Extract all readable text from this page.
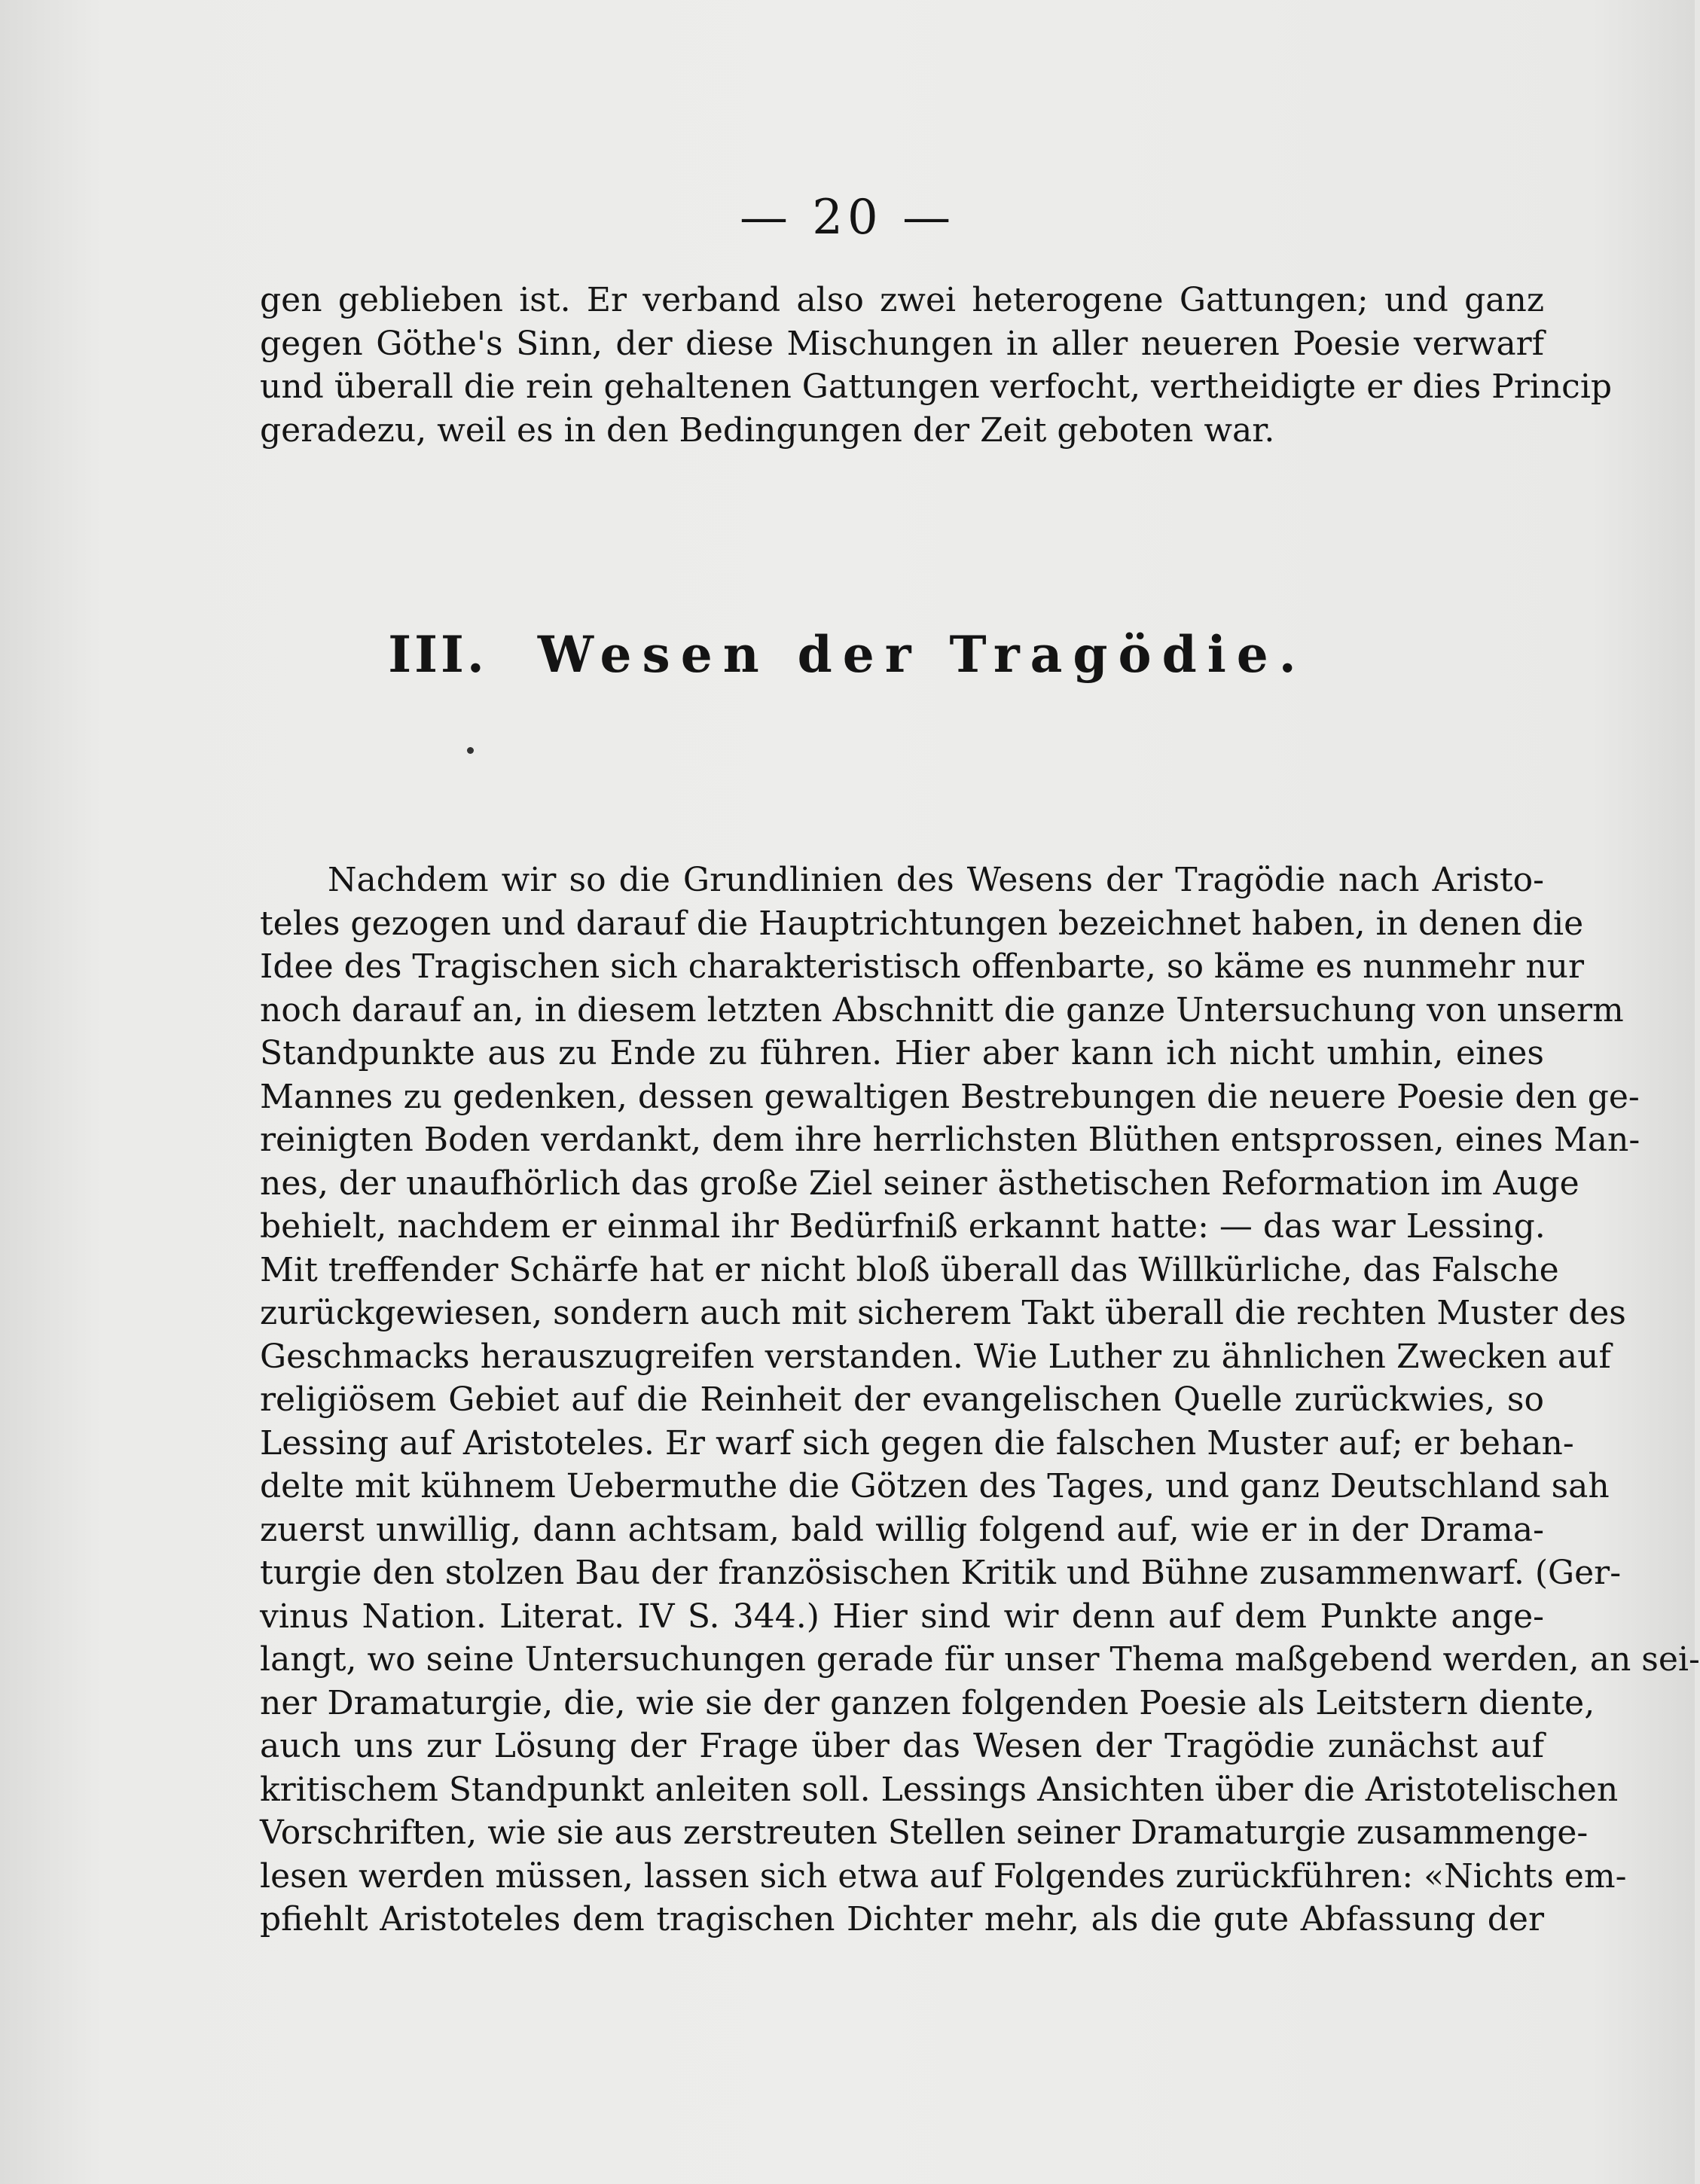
— 20 —
gen geblieben ist. Er verband also zwei heterogene Gattungen; und ganz
gegen Göthe's Sinn, der diese Mischungen in aller neueren Poesie verwarf
und überall die rein gehaltenen Gattungen verfocht, vertheidigte er dies Princip
geradezu, weil es in den Bedingungen der Zeit geboten war.
III. Wesen der Tragödie.
Nachdem wir so die Grundlinien des Wesens der Tragödie nach Aristo-
teles gezogen und darauf die Hauptrichtungen bezeichnet haben, in denen die
Idee des Tragischen sich charakteristisch offenbarte, so käme es nunmehr nur
noch darauf an, in diesem letzten Abschnitt die ganze Untersuchung von unserm
Standpunkte aus zu Ende zu führen. Hier aber kann ich nicht umhin, eines
Mannes zu gedenken, dessen gewaltigen Bestrebungen die neuere Poesie den ge-
reinigten Boden verdankt, dem ihre herrlichsten Blüthen entsprossen, eines Man-
nes, der unaufhörlich das große Ziel seiner ästhetischen Reformation im Auge
behielt, nachdem er einmal ihr Bedürfniß erkannt hatte: — das war Lessing.
Mit treffender Schärfe hat er nicht bloß überall das Willkürliche, das Falsche
zurückgewiesen, sondern auch mit sicherem Takt überall die rechten Muster des
Geschmacks herauszugreifen verstanden. Wie Luther zu ähnlichen Zwecken auf
religiösem Gebiet auf die Reinheit der evangelischen Quelle zurückwies, so
Lessing auf Aristoteles. Er warf sich gegen die falschen Muster auf; er behan-
delte mit kühnem Uebermuthe die Götzen des Tages, und ganz Deutschland sah
zuerst unwillig, dann achtsam, bald willig folgend auf, wie er in der Drama-
turgie den stolzen Bau der französischen Kritik und Bühne zusammenwarf. (Ger-
vinus Nation. Literat. IV S. 344.) Hier sind wir denn auf dem Punkte ange-
langt, wo seine Untersuchungen gerade für unser Thema maßgebend werden, an sei-
ner Dramaturgie, die, wie sie der ganzen folgenden Poesie als Leitstern diente,
auch uns zur Lösung der Frage über das Wesen der Tragödie zunächst auf
kritischem Standpunkt anleiten soll. Lessings Ansichten über die Aristotelischen
Vorschriften, wie sie aus zerstreuten Stellen seiner Dramaturgie zusammenge-
lesen werden müssen, lassen sich etwa auf Folgendes zurückführen: «Nichts em-
pfiehlt Aristoteles dem tragischen Dichter mehr, als die gute Abfassung der
